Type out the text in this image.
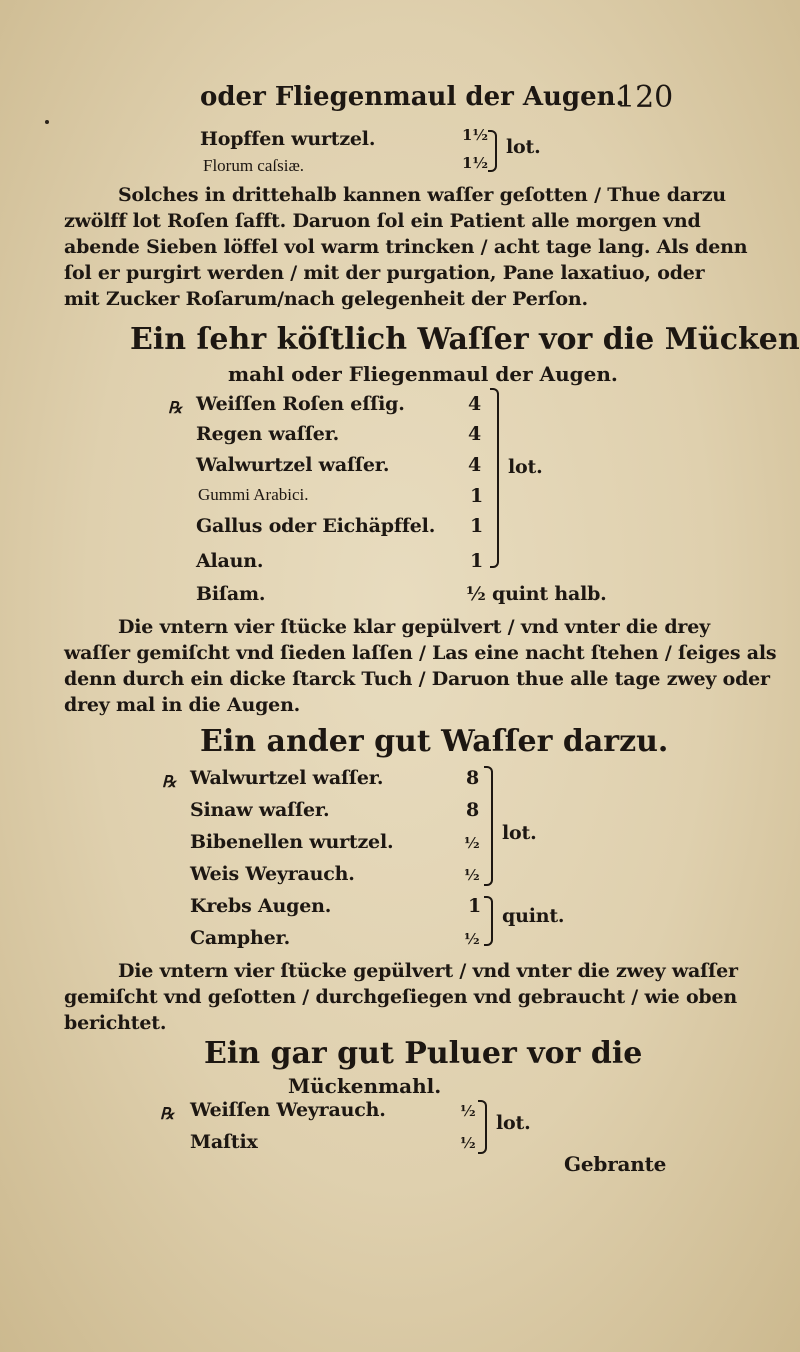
oder Fliegenmaul der Augen.
120
Hopffen wurtzel.	1½
Florum caſsiæ.	1½
lot.
Solches in drittehalb kannen waſſer geſotten / Thue darzu
zwölff lot Roſen ſafft. Daruon ſol ein Patient alle morgen vnd
abende Sieben löffel vol warm trincken / acht tage lang. Als denn
ſol er purgirt werden / mit der purgation, Pane laxatiuo, oder
mit Zucker Roſarum/nach gelegenheit der Perſon.
Ein ſehr köſtlich Waſſer vor die Mücken
mahl oder Fliegenmaul der Augen.
℞ Weiſſen Roſen eſſig.
Regen waſſer.
Walwurtzel waſſer.
Gummi Arabici.
Gallus oder Eichäpffel.
Alaun.
Biſam.
4
4
4
1
1
1
½ quint halb.
lot.
Die vntern vier ſtücke klar gepülvert / vnd vnter die drey
waſſer gemiſcht vnd ſieden laſſen / Las eine nacht ſtehen / ſeiges als
denn durch ein dicke ſtarck Tuch / Daruon thue alle tage zwey oder
drey mal in die Augen.
Ein ander gut Waſſer darzu.
℞ Walwurtzel waſſer.
Sinaw waſſer.
Bibenellen wurtzel.
Weis Weyrauch.
Krebs Augen.
Campher.
8
8
½
½
1
½
lot.
quint.
Die vntern vier ſtücke gepülvert / vnd vnter die zwey waſſer
gemiſcht vnd geſotten / durchgeſiegen vnd gebraucht / wie oben
berichtet.
Ein gar gut Puluer vor die
Mückenmahl.
℞ Weiſſen Weyrauch.
Maſtix
½
½
lot.
Gebrante
